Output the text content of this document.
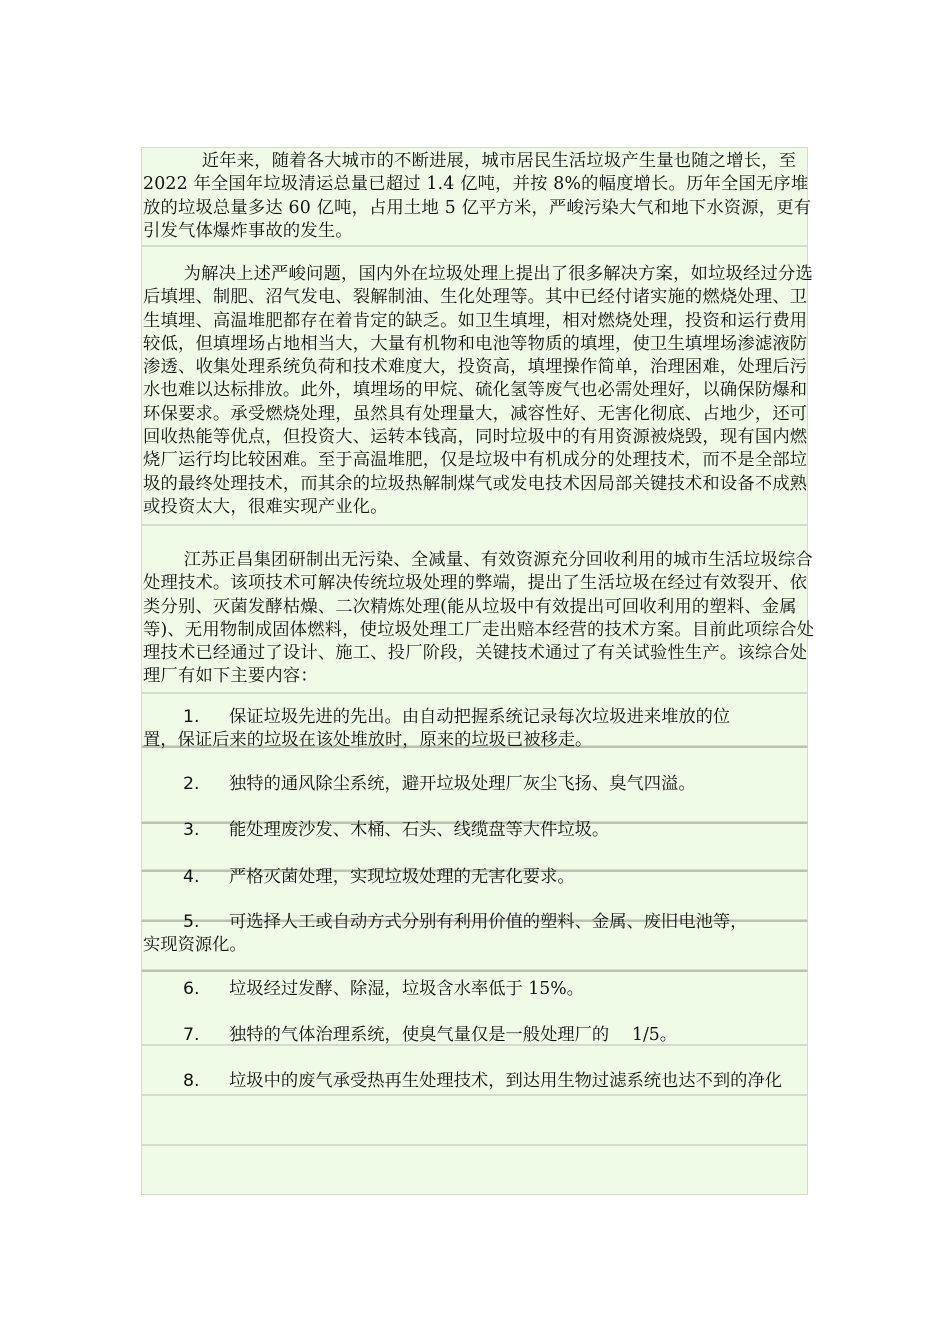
近年来，随着各大城市的不断进展，城市居民生活垃圾产生量也随之增长，至 2022 年全国年垃圾清运总量已超过 1.4 亿吨，并按 8%的幅度增长。历年全国无序堆放的垃圾总量多达 60 亿吨，占用土地 5 亿平方米，严峻污染大气和地下水资源，更有引发气体爆炸事故的发生。

为解决上述严峻问题，国内外在垃圾处理上提出了很多解决方案，如垃圾经过分选后填埋、制肥、沼气发电、裂解制油、生化处理等。其中已经付诸实施的燃烧处理、卫生填埋、高温堆肥都存在着肯定的缺乏。如卫生填埋，相对燃烧处理，投资和运行费用较低，但填埋场占地相当大，大量有机物和电池等物质的填埋，使卫生填埋场渗滤液防渗透、收集处理系统负荷和技术难度大，投资高，填埋操作简单，治理困难，处理后污水也难以达标排放。此外，填埋场的甲烷、硫化氢等废气也必需处理好，以确保防爆和环保要求。承受燃烧处理，虽然具有处理量大，减容性好、无害化彻底、占地少，还可回收热能等优点，但投资大、运转本钱高，同时垃圾中的有用资源被烧毁，现有国内燃烧厂运行均比较困难。至于高温堆肥，仅是垃圾中有机成分的处理技术，而不是全部垃圾的最终处理技术，而其余的垃圾热解制煤气或发电技术因局部关键技术和设备不成熟或投资太大，很难实现产业化。

江苏正昌集团研制出无污染、全减量、有效资源充分回收利用的城市生活垃圾综合处理技术。该项技术可解决传统垃圾处理的弊端，提出了生活垃圾在经过有效裂开、依类分别、灭菌发酵枯燥、二次精炼处理(能从垃圾中有效提出可回收利用的塑料、金属等)、无用物制成固体燃料，使垃圾处理工厂走出赔本经营的技术方案。目前此项综合处理技术已经通过了设计、施工、投厂阶段，关键技术通过了有关试验性生产。该综合处理厂有如下主要内容：

1. 保证垃圾先进的先出。由自动把握系统记录每次垃圾进来堆放的位
置，保证后来的垃圾在该处堆放时，原来的垃圾已被移走。
2. 独特的通风除尘系统，避开垃圾处理厂灰尘飞扬、臭气四溢。
3. 能处理废沙发、木桶、石头、线缆盘等大件垃圾。
4. 严格灭菌处理，实现垃圾处理的无害化要求。
5. 可选择人工或自动方式分别有利用价值的塑料、金属、废旧电池等，
实现资源化。
6. 垃圾经过发酵、除湿，垃圾含水率低于 15%。
7. 独特的气体治理系统，使臭气量仅是一般处理厂的 　1/5。
8. 垃圾中的废气承受热再生处理技术，到达用生物过滤系统也达不到的净化
